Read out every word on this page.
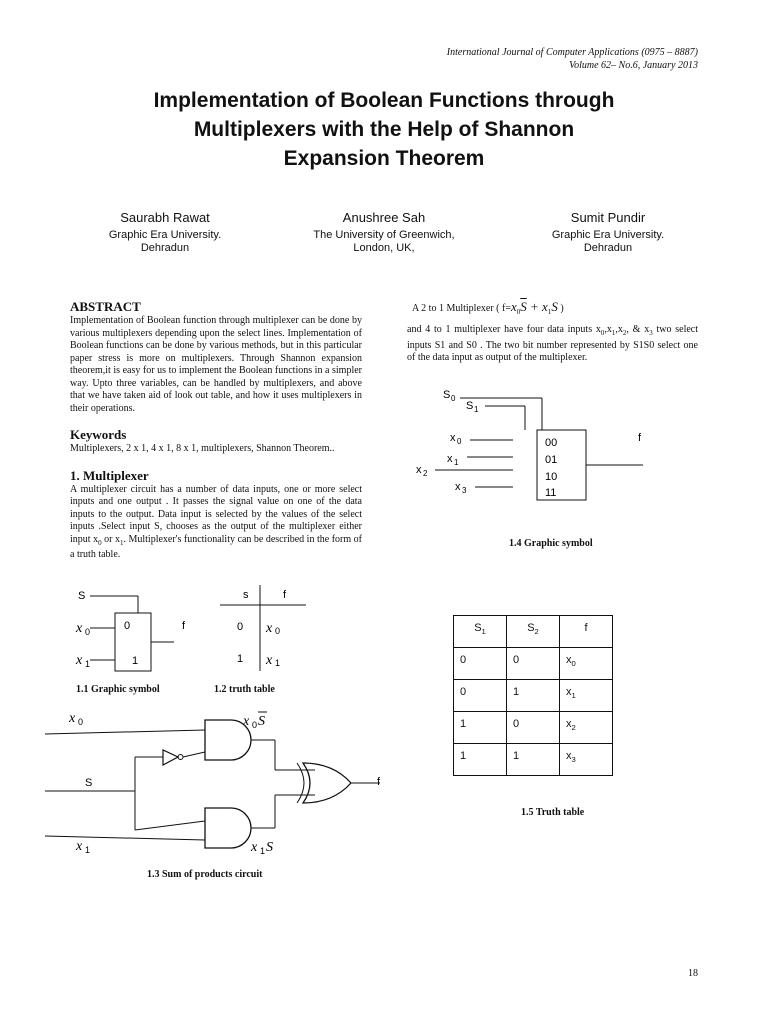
International Journal of Computer Applications (0975 – 8887)
Volume 62– No.6, January 2013
Implementation of Boolean Functions through
Multiplexers with the Help of Shannon
Expansion Theorem
Saurabh Rawat
Graphic Era University.
Dehradun
Anushree Sah
The University of Greenwich,
London, UK,
Sumit Pundir
Graphic Era University.
Dehradun
ABSTRACT
Implementation of Boolean function through multiplexer can be done by various multiplexers depending upon the select lines. Implementation of Boolean functions can be done by various methods, but in this particular paper stress is more on multiplexers. Through Shannon expansion theorem,it is easy for us to implement the Boolean functions in a simpler way. Upto three variables, can be handled by multiplexers, and above that we have taken aid of look out table, and how it uses multiplexers in their operations.
Keywords
Multiplexers, 2 x 1, 4 x 1, 8 x 1, multiplexers, Shannon Theorem..
1. Multiplexer
A multiplexer circuit has a number of data inputs, one or more select inputs and one output . It passes the signal value on one of the data inputs to the output. Data input is selected by the values of the select inputs .Select input S, chooses as the output of the multiplexer either input $x_0$ or $x_1$. Multiplexer's functionality can be described in the form of a truth table.
S
x 0
x 1
0
1
f
1.1 Graphic symbol
s	f
0 x 0
1 x 1
1.2 truth table
x 0
S
x 1
f
x 0 S
x 1 S
1.3 Sum of products circuit
A 2 to 1 Multiplexer ( $f=x_0\overline{S} + x_1S$ )
and 4 to 1 multiplexer have four data inputs $x_0,x_1,x_2$, & $x_3$ two select inputs S1 and S0 . The two bit number represented by S1S0 select one of the data input as output of the multiplexer.
S 0
S 1
00
01
10
11
x 0
x 1
x 2
x 3
f
1.4 Graphic symbol
$S_1$	$S_2$	f
0	0	$x_0$
0	1	$x_1$
1	0	$x_2$
1	1	$x_3$
1.5 Truth table
18
